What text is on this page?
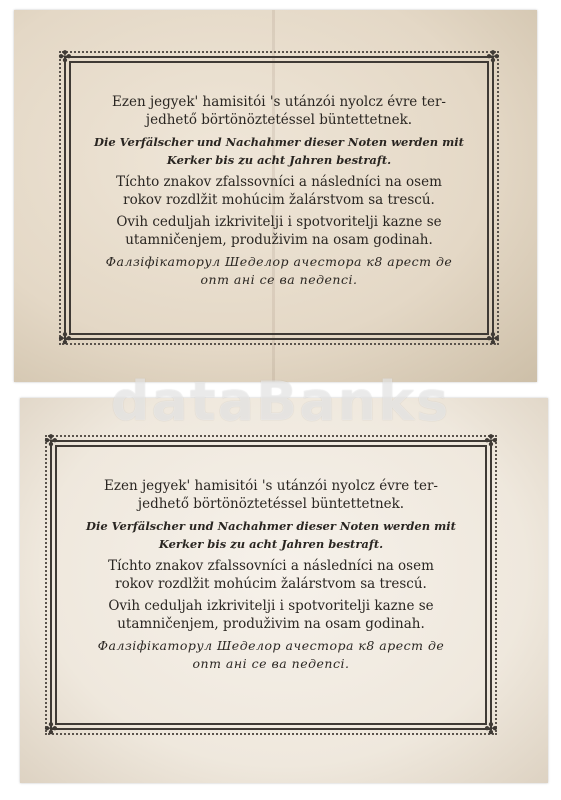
✤	✤
✤	✤
Ezen jegyek' hamisitói 's utánzói nyolcz évre ter-
jedhető börtönöztetéssel büntettetnek.
Die Verfälscher und Nachahmer dieser Noten werden mit
Kerker bis zu acht Jahren bestraft.
Tíchto znakov zfalssovníci a následníci na osem
rokov rozdlžit mohúcim žalárstvom sa trescú.
Ovih ceduljah izkrivitelji i spotvoritelji kazne se
utamničenjem, produživim na osam godinah.
Фалзіфікаторул Шеделор ачестора к8 арест де
опт ані се ва педепсі.
✤	✤
✤	✤
Ezen jegyek' hamisitói 's utánzói nyolcz évre ter-
jedhető börtönöztetéssel büntettetnek.
Die Verfälscher und Nachahmer dieser Noten werden mit
Kerker bis zu acht Jahren bestraft.
Tíchto znakov zfalssovníci a následníci na osem
rokov rozdlžit mohúcim žalárstvom sa trescú.
Ovih ceduljah izkrivitelji i spotvoritelji kazne se
utamničenjem, produživim na osam godinah.
Фалзіфікаторул Шеделор ачестора к8 арест де
опт ані се ва педепсі.
dataBanks
